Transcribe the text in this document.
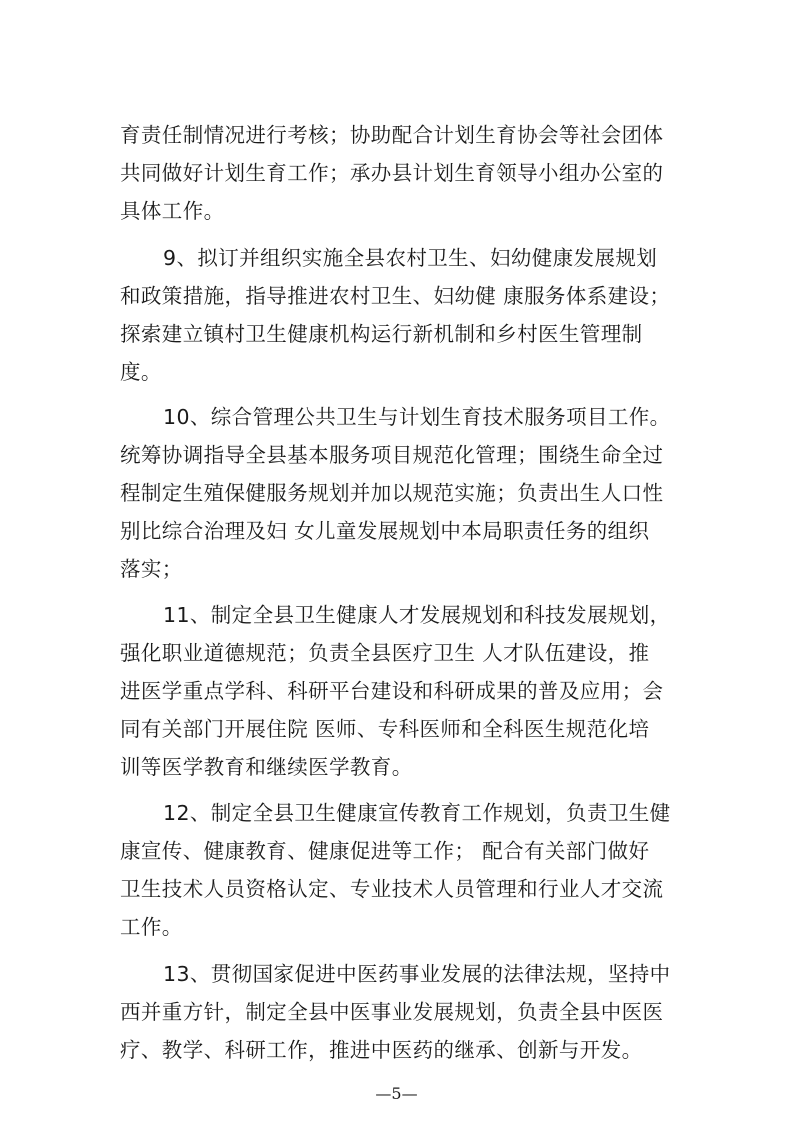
育责任制情况进行考核；协助配合计划生育协会等社会团体
共同做好计划生育工作；承办县计划生育领导小组办公室的
具体工作。
9、拟订并组织实施全县农村卫生、妇幼健康发展规划
和政策措施，指导推进农村卫生、妇幼健 康服务体系建设；
探索建立镇村卫生健康机构运行新机制和乡村医生管理制
度。
10、综合管理公共卫生与计划生育技术服务项目工作。
统筹协调指导全县基本服务项目规范化管理；围绕生命全过
程制定生殖保健服务规划并加以规范实施；负责出生人口性
别比综合治理及妇 女儿童发展规划中本局职责任务的组织
落实；
11、制定全县卫生健康人才发展规划和科技发展规划，
强化职业道德规范；负责全县医疗卫生 人才队伍建设，推
进医学重点学科、科研平台建设和科研成果的普及应用；会
同有关部门开展住院 医师、专科医师和全科医生规范化培
训等医学教育和继续医学教育。
12、制定全县卫生健康宣传教育工作规划，负责卫生健
康宣传、健康教育、健康促进等工作； 配合有关部门做好
卫生技术人员资格认定、专业技术人员管理和行业人才交流
工作。
13、贯彻国家促进中医药事业发展的法律法规，坚持中
西并重方针，制定全县中医事业发展规划，负责全县中医医
疗、教学、科研工作，推进中医药的继承、创新与开发。
—5—
